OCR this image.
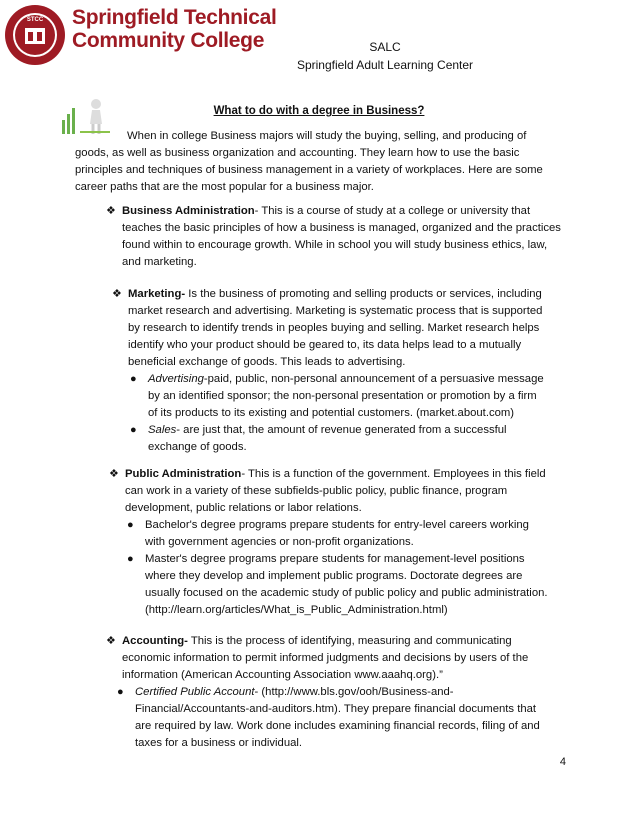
STCC Springfield Technical
Community College	SALC
Springfield Adult Learning Center
What to do with a degree in Business?

When in college Business majors will study the buying, selling, and producing of

goods, as well as business organization and accounting. They learn how to use the basic

principles and techniques of business management in a variety of workplaces. Here are some

career paths that are the most popular for a business major.

❖ Business Administration- This is a course of study at a college or university that

teaches the basic principles of how a business is managed, organized and the practices

found within to encourage growth. While in school you will study business ethics, law,

and marketing.

❖ Marketing- Is the business of promoting and selling products or services, including

market research and advertising. Marketing is systematic process that is supported

by research to identify trends in peoples buying and selling. Market research helps

identify who your product should be geared to, its data helps lead to a mutually

beneficial exchange of goods. This leads to advertising.

● Advertising-paid, public, non-personal announcement of a persuasive message

by an identified sponsor; the non-personal presentation or promotion by a firm

of its products to its existing and potential customers. (market.about.com)

● Sales- are just that, the amount of revenue generated from a successful

exchange of goods.

❖ Public Administration- This is a function of the government. Employees in this field

can work in a variety of these subfields-public policy, public finance, program

development, public relations or labor relations.

● Bachelor's degree programs prepare students for entry-level careers working

with government agencies or non-profit organizations.

● Master's degree programs prepare students for management-level positions

where they develop and implement public programs. Doctorate degrees are

usually focused on the academic study of public policy and public administration.

(http://learn.org/articles/What_is_Public_Administration.html)

❖ Accounting- This is the process of identifying, measuring and communicating

economic information to permit informed judgments and decisions by users of the

information (American Accounting Association www.aaahq.org).”

● Certified Public Account- (http://www.bls.gov/ooh/Business-and-

Financial/Accountants-and-auditors.htm). They prepare financial documents that

are required by law. Work done includes examining financial records, filing of and

taxes for a business or individual.

4
